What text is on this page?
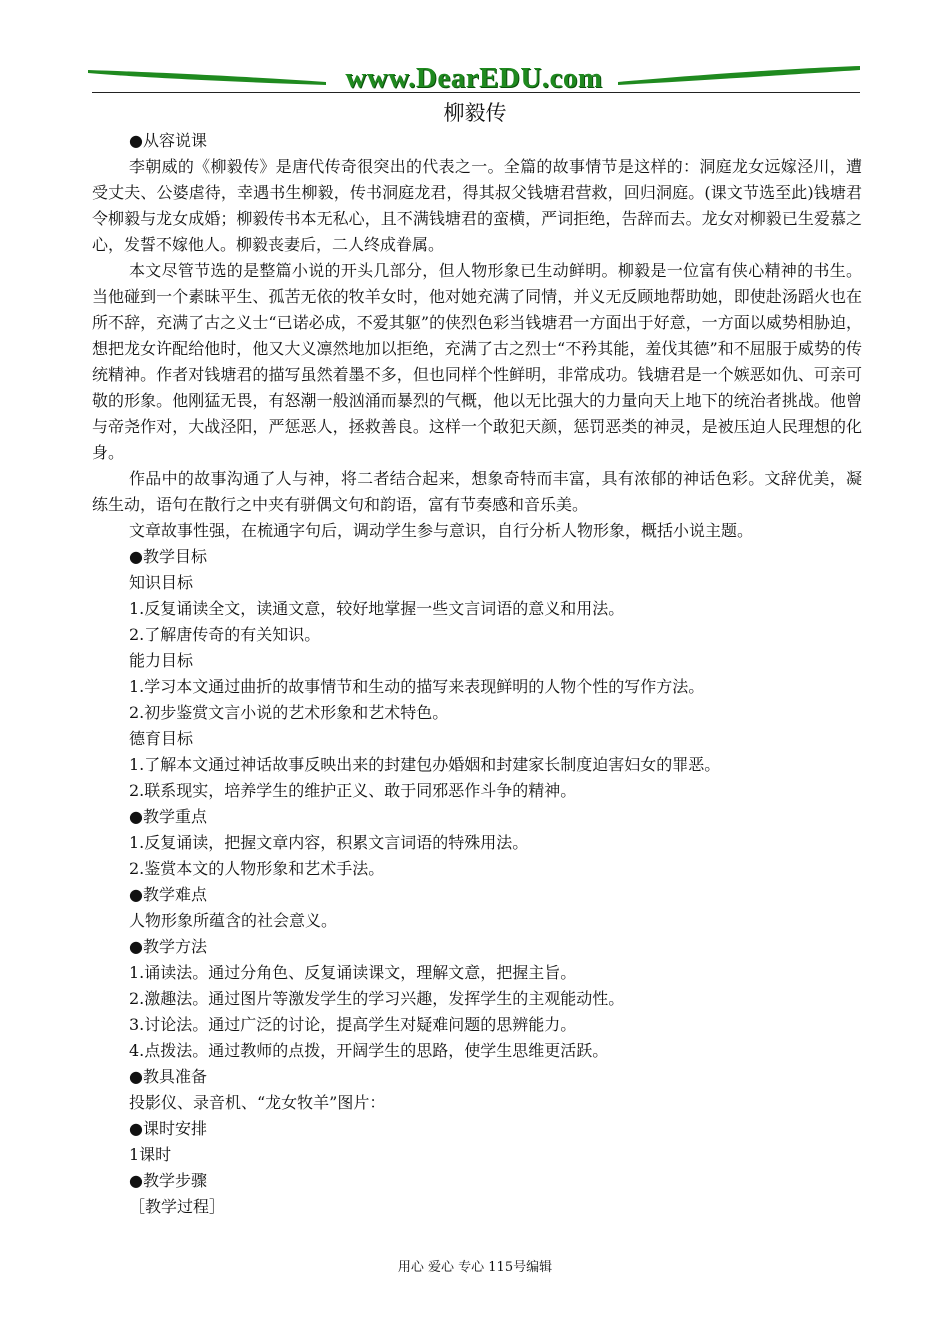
www.DearEDU.com
柳毅传

● 从容说课

李朝威的《柳毅传》是唐代传奇很突出的代表之一。全篇的故事情节是这样的：洞庭龙女远嫁泾川，遭受丈夫、公婆虐待，幸遇书生柳毅，传书洞庭龙君，得其叔父钱塘君营救，回归洞庭。(课文节选至此)钱塘君令柳毅与龙女成婚；柳毅传书本无私心，且不满钱塘君的蛮横，严词拒绝，告辞而去。龙女对柳毅已生爱慕之心，发誓不嫁他人。柳毅丧妻后，二人终成眷属。

本文尽管节选的是整篇小说的开头几部分，但人物形象已生动鲜明。柳毅是一位富有侠心精神的书生。当他碰到一个素昧平生、孤苦无依的牧羊女时，他对她充满了同情，并义无反顾地帮助她，即使赴汤蹈火也在所不辞，充满了古之义士“已诺必成，不爱其躯”的侠烈色彩当钱塘君一方面出于好意，一方面以威势相胁迫，想把龙女许配给他时，他又大义凛然地加以拒绝，充满了古之烈士“不矜其能，羞伐其德”和不屈服于威势的传统精神。作者对钱塘君的描写虽然着墨不多，但也同样个性鲜明，非常成功。钱塘君是一个嫉恶如仇、可亲可敬的形象。他刚猛无畏，有怒潮一般汹涌而暴烈的气概，他以无比强大的力量向天上地下的统治者挑战。他曾与帝尧作对，大战泾阳，严惩恶人，拯救善良。这样一个敢犯天颜，惩罚恶类的神灵，是被压迫人民理想的化身。

作品中的故事沟通了人与神，将二者结合起来，想象奇特而丰富，具有浓郁的神话色彩。文辞优美，凝练生动，语句在散行之中夹有骈偶文句和韵语，富有节奏感和音乐美。

文章故事性强，在梳通字句后，调动学生参与意识，自行分析人物形象，概括小说主题。

● 教学目标

知识目标

1.反复诵读全文，读通文意，较好地掌握一些文言词语的意义和用法。

2.了解唐传奇的有关知识。

能力目标

1.学习本文通过曲折的故事情节和生动的描写来表现鲜明的人物个性的写作方法。

2.初步鉴赏文言小说的艺术形象和艺术特色。

德育目标

1.了解本文通过神话故事反映出来的封建包办婚姻和封建家长制度迫害妇女的罪恶。

2.联系现实，培养学生的维护正义、敢于同邪恶作斗争的精神。

● 教学重点

1.反复诵读，把握文章内容，积累文言词语的特殊用法。

2.鉴赏本文的人物形象和艺术手法。

● 教学难点

人物形象所蕴含的社会意义。

● 教学方法

1.诵读法。通过分角色、反复诵读课文，理解文意，把握主旨。

2.激趣法。通过图片等激发学生的学习兴趣，发挥学生的主观能动性。

3.讨论法。通过广泛的讨论，提高学生对疑难问题的思辨能力。

4.点拨法。通过教师的点拨，开阔学生的思路，使学生思维更活跃。

● 教具准备

投影仪、录音机、“龙女牧羊”图片：

● 课时安排

1课时

● 教学步骤

［教学过程］

用心 爱心 专心 115号编辑
